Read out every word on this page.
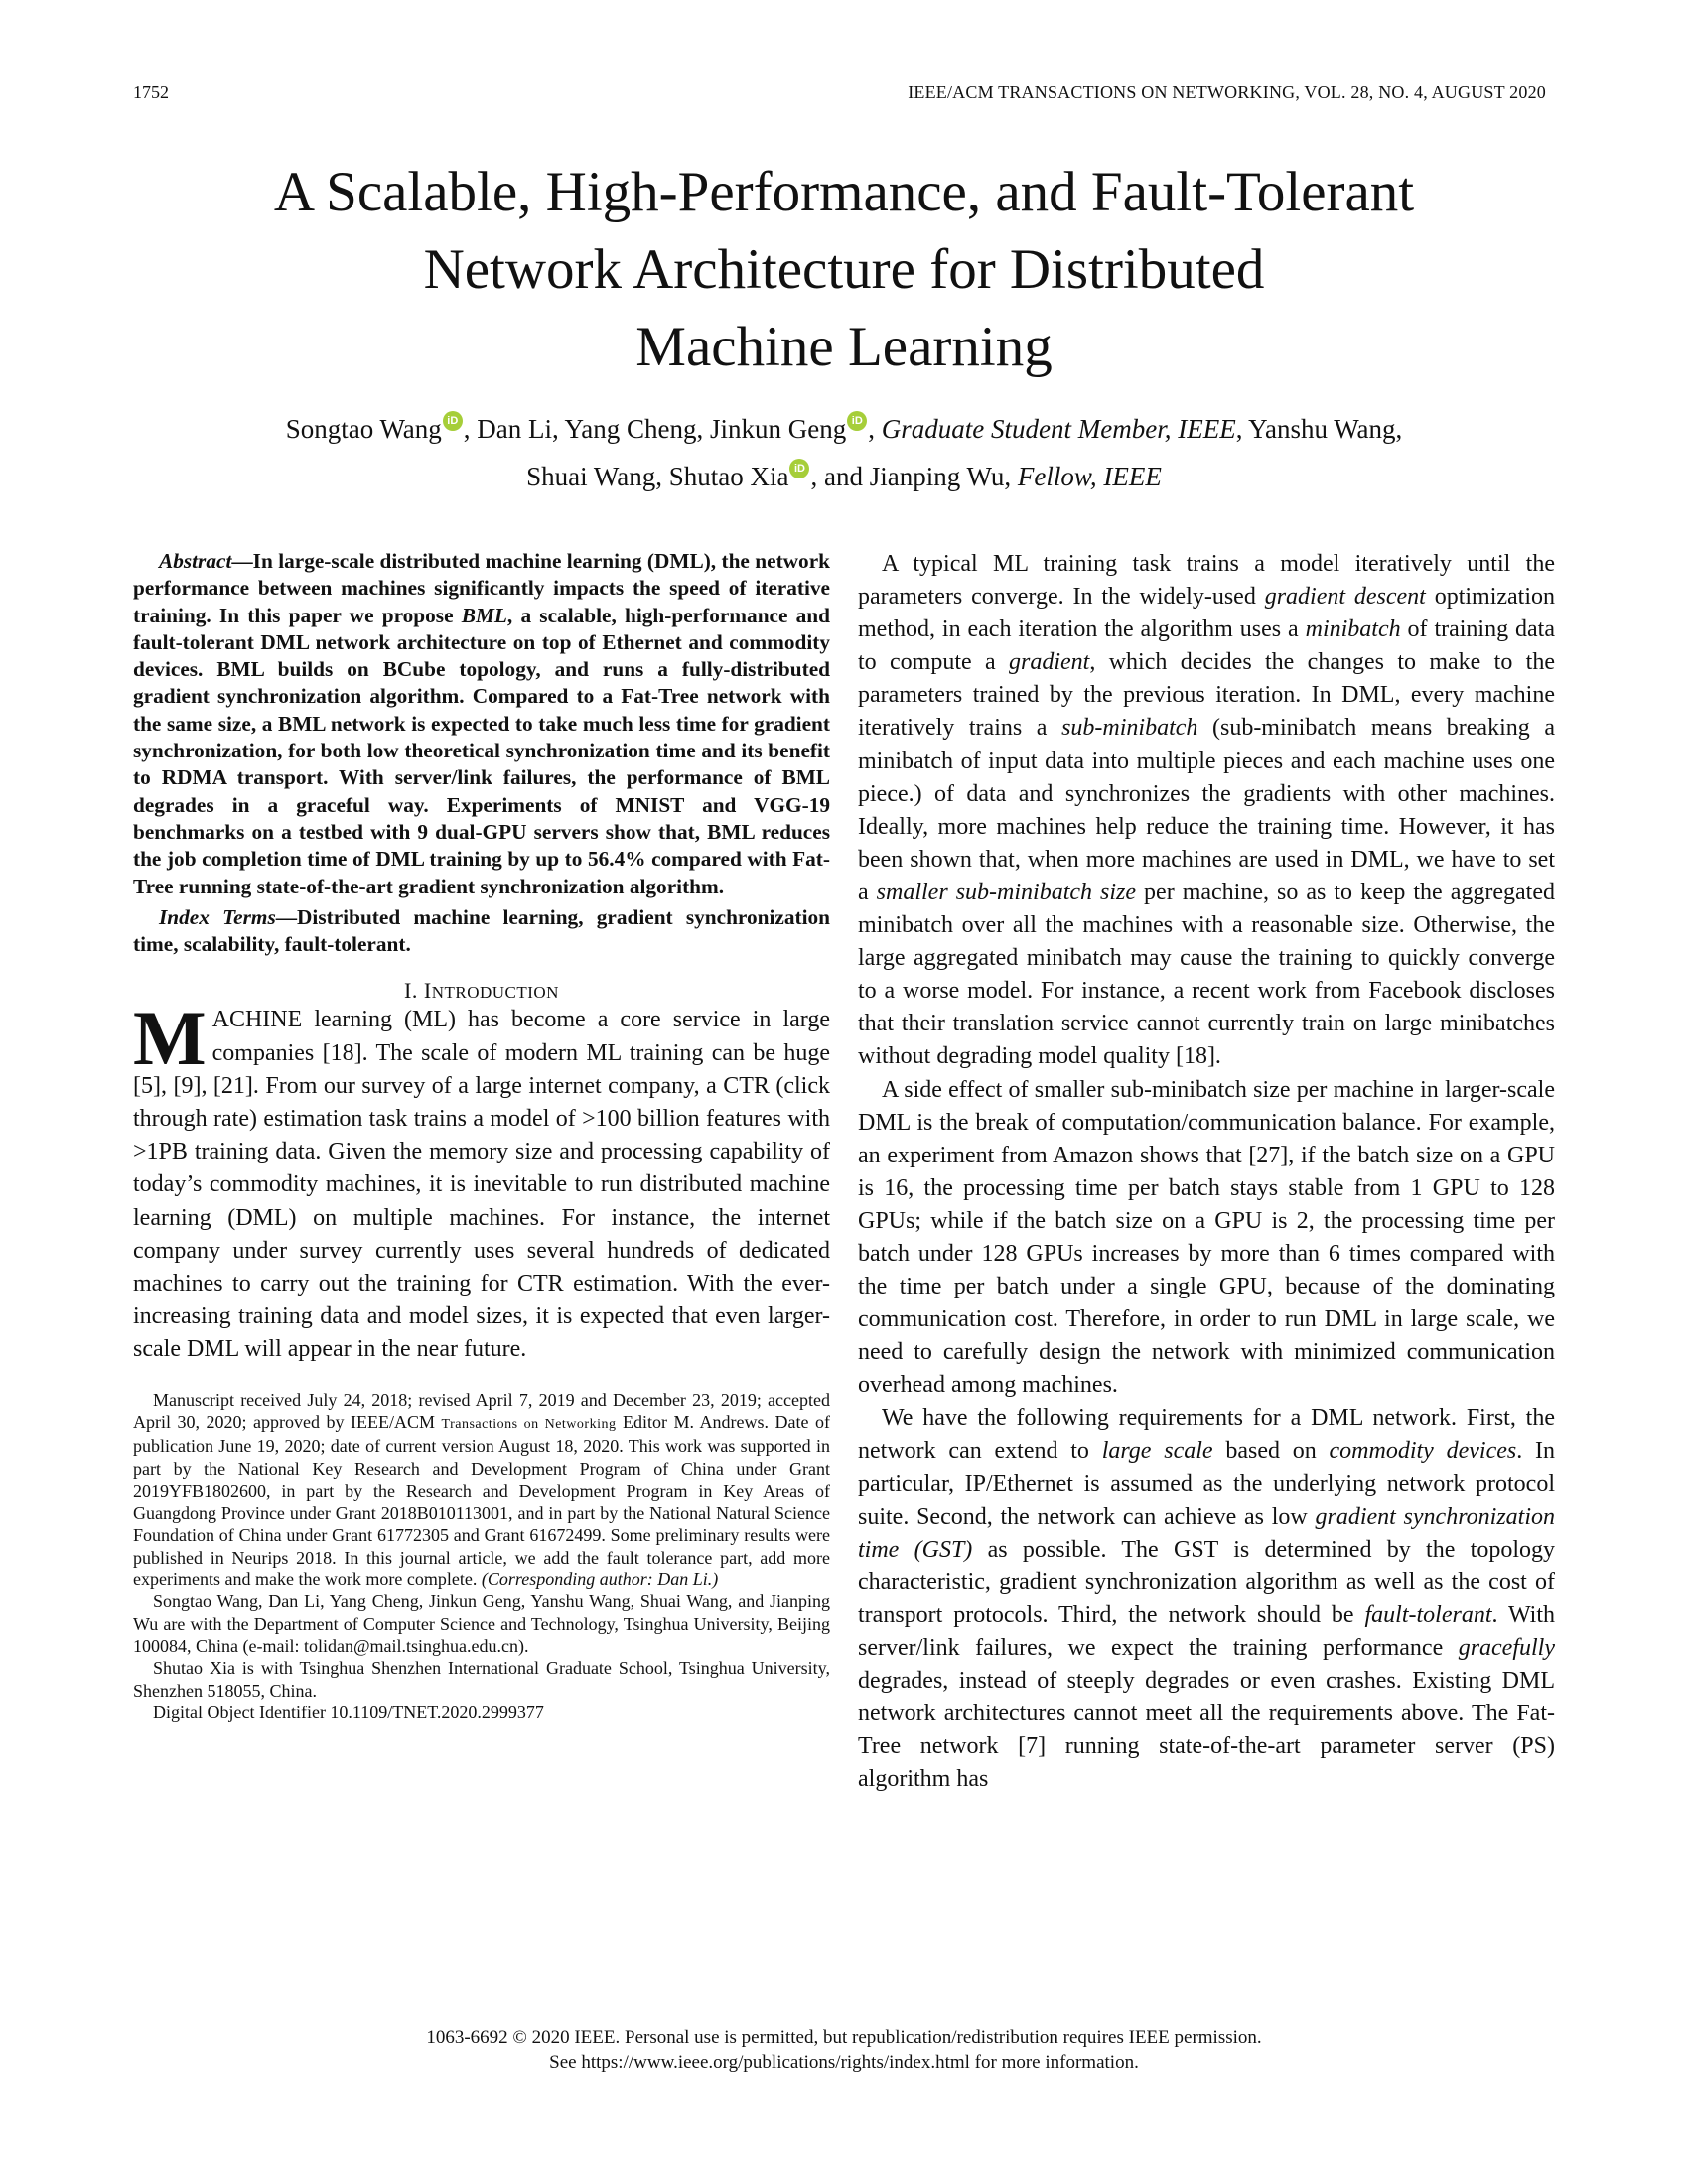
1752	IEEE/ACM TRANSACTIONS ON NETWORKING, VOL. 28, NO. 4, AUGUST 2020
A Scalable, High-Performance, and Fault-Tolerant
Network Architecture for Distributed
Machine Learning
Songtao Wang iD , Dan Li, Yang Cheng, Jinkun Geng iD , Graduate Student Member, IEEE, Yanshu Wang,
Shuai Wang, Shutao Xia iD , and Jianping Wu, Fellow, IEEE

Abstract—In large-scale distributed machine learning (DML), the network performance between machines significantly impacts the speed of iterative training. In this paper we propose BML, a scalable, high-performance and fault-tolerant DML network architecture on top of Ethernet and commodity devices. BML builds on BCube topology, and runs a fully-distributed gradient synchronization algorithm. Compared to a Fat-Tree network with the same size, a BML network is expected to take much less time for gradient synchronization, for both low theoretical synchronization time and its benefit to RDMA transport. With server/link failures, the performance of BML degrades in a graceful way. Experiments of MNIST and VGG-19 benchmarks on a testbed with 9 dual-GPU servers show that, BML reduces the job completion time of DML training by up to 56.4% compared with Fat-Tree running state-of-the-art gradient synchronization algorithm.

Index Terms—Distributed machine learning, gradient synchronization time, scalability, fault-tolerant.

I. INTRODUCTION

MACHINE learning (ML) has become a core service in large companies [18]. The scale of modern ML training can be huge [5], [9], [21]. From our survey of a large internet company, a CTR (click through rate) estimation task trains a model of >100 billion features with >1PB training data. Given the memory size and processing capability of today’s commodity machines, it is inevitable to run distributed machine learning (DML) on multiple machines. For instance, the internet company under survey currently uses several hundreds of dedicated machines to carry out the training for CTR estimation. With the ever-increasing training data and model sizes, it is expected that even larger-scale DML will appear in the near future.

Manuscript received July 24, 2018; revised April 7, 2019 and December 23, 2019; accepted April 30, 2020; approved by IEEE/ACM Transactions on Networking Editor M. Andrews. Date of publication June 19, 2020; date of current version August 18, 2020. This work was supported in part by the National Key Research and Development Program of China under Grant 2019YFB1802600, in part by the Research and Development Program in Key Areas of Guangdong Province under Grant 2018B010113001, and in part by the National Natural Science Foundation of China under Grant 61772305 and Grant 61672499. Some preliminary results were published in Neurips 2018. In this journal article, we add the fault tolerance part, add more experiments and make the work more complete. (Corresponding author: Dan Li.)

Songtao Wang, Dan Li, Yang Cheng, Jinkun Geng, Yanshu Wang, Shuai Wang, and Jianping Wu are with the Department of Computer Science and Technology, Tsinghua University, Beijing 100084, China (e-mail: tolidan@mail.tsinghua.edu.cn).

Shutao Xia is with Tsinghua Shenzhen International Graduate School, Tsinghua University, Shenzhen 518055, China.

Digital Object Identifier 10.1109/TNET.2020.2999377

A typical ML training task trains a model iteratively until the parameters converge. In the widely-used gradient descent optimization method, in each iteration the algorithm uses a minibatch of training data to compute a gradient, which decides the changes to make to the parameters trained by the previous iteration. In DML, every machine iteratively trains a sub-minibatch (sub-minibatch means breaking a minibatch of input data into multiple pieces and each machine uses one piece.) of data and synchronizes the gradients with other machines. Ideally, more machines help reduce the training time. However, it has been shown that, when more machines are used in DML, we have to set a smaller sub-minibatch size per machine, so as to keep the aggregated minibatch over all the machines with a reasonable size. Otherwise, the large aggregated minibatch may cause the training to quickly converge to a worse model. For instance, a recent work from Facebook discloses that their translation service cannot currently train on large minibatches without degrading model quality [18].

A side effect of smaller sub-minibatch size per machine in larger-scale DML is the break of computation/communication balance. For example, an experiment from Amazon shows that [27], if the batch size on a GPU is 16, the processing time per batch stays stable from 1 GPU to 128 GPUs; while if the batch size on a GPU is 2, the processing time per batch under 128 GPUs increases by more than 6 times compared with the time per batch under a single GPU, because of the dominating communication cost. Therefore, in order to run DML in large scale, we need to carefully design the network with minimized communication overhead among machines.

We have the following requirements for a DML network. First, the network can extend to large scale based on commodity devices. In particular, IP/Ethernet is assumed as the underlying network protocol suite. Second, the network can achieve as low gradient synchronization time (GST) as possible. The GST is determined by the topology characteristic, gradient synchronization algorithm as well as the cost of transport protocols. Third, the network should be fault-tolerant. With server/link failures, we expect the training performance gracefully degrades, instead of steeply degrades or even crashes. Existing DML network architectures cannot meet all the requirements above. The Fat-Tree network [7] running state-of-the-art parameter server (PS) algorithm has

1063-6692 © 2020 IEEE. Personal use is permitted, but republication/redistribution requires IEEE permission.
See https://www.ieee.org/publications/rights/index.html for more information.
